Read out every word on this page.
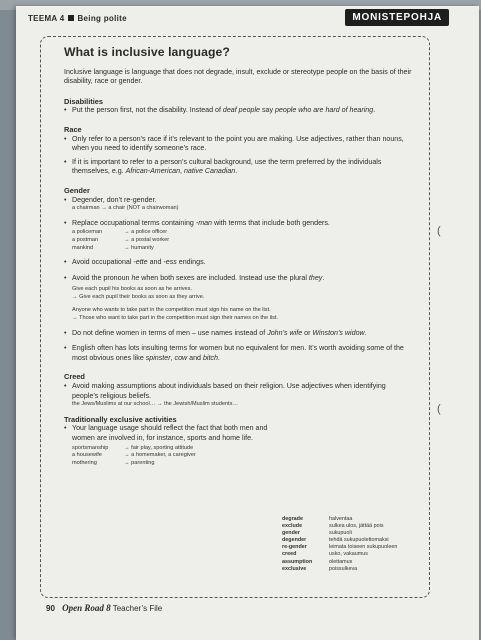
TEEMA 4 Being polite	MONISTEPOHJA
What is inclusive language?

Inclusive language is language that does not degrade, insult, exclude or stereotype people on the basis of their disability, race or gender.

Disabilities

• Put the person first, not the disability. Instead of deaf people say people who are hard of hearing.

Race

• Only refer to a person’s race if it’s relevant to the point you are making. Use adjectives, rather than nouns, when you need to identify someone’s race.

• If it is important to refer to a person’s cultural background, use the term preferred by the individuals themselves, e.g. African-American, native Canadian.

Gender

• Degender, don’t re-gender.

a chairman → a chair (NOT a chairwoman)

• Replace occupational terms containing -man with terms that include both genders.

a policeman	→ a police officer
a postman	→ a postal worker
mankind	→ humanity

• Avoid occupational -ette and -ess endings.

• Avoid the pronoun he when both sexes are included. Instead use the plural they.

Give each pupil his books as soon as he arrives.

→ Give each pupil their books as soon as they arrive.

Anyone who wants to take part in the competition must sign his name on the list.

→ Those who want to take part in the competition must sign their names on the list.

• Do not define women in terms of men – use names instead of John’s wife or Winston’s widow.

• English often has lots insulting terms for women but no equivalent for men. It’s worth avoiding some of the most obvious ones like spinster, cow and bitch.

Creed

• Avoid making assumptions about individuals based on their religion. Use adjectives when identifying people’s religious beliefs.

the Jews/Muslims at our school… → the Jewish/Muslim students…

Traditionally exclusive activities

• Your language usage should reflect the fact that both men and women are involved in, for instance, sports and home life.

sportsmanship	→ fair play, sporting attitude
a housewife	→ a homemaker, a caregiver
mothering	→ parenting
degrade	halventaa
exclude	sulkea ulos, jättää pois
gender	sukupuoli
degender	tehdä sukupuolettomaksi
re-gender	leimata toiseen sukupuoleen
creed	usko, vakaumus
assumption	olettamus
exclusive	poissulkeva
(
(
90 Open Road 8 Teacher’s File
